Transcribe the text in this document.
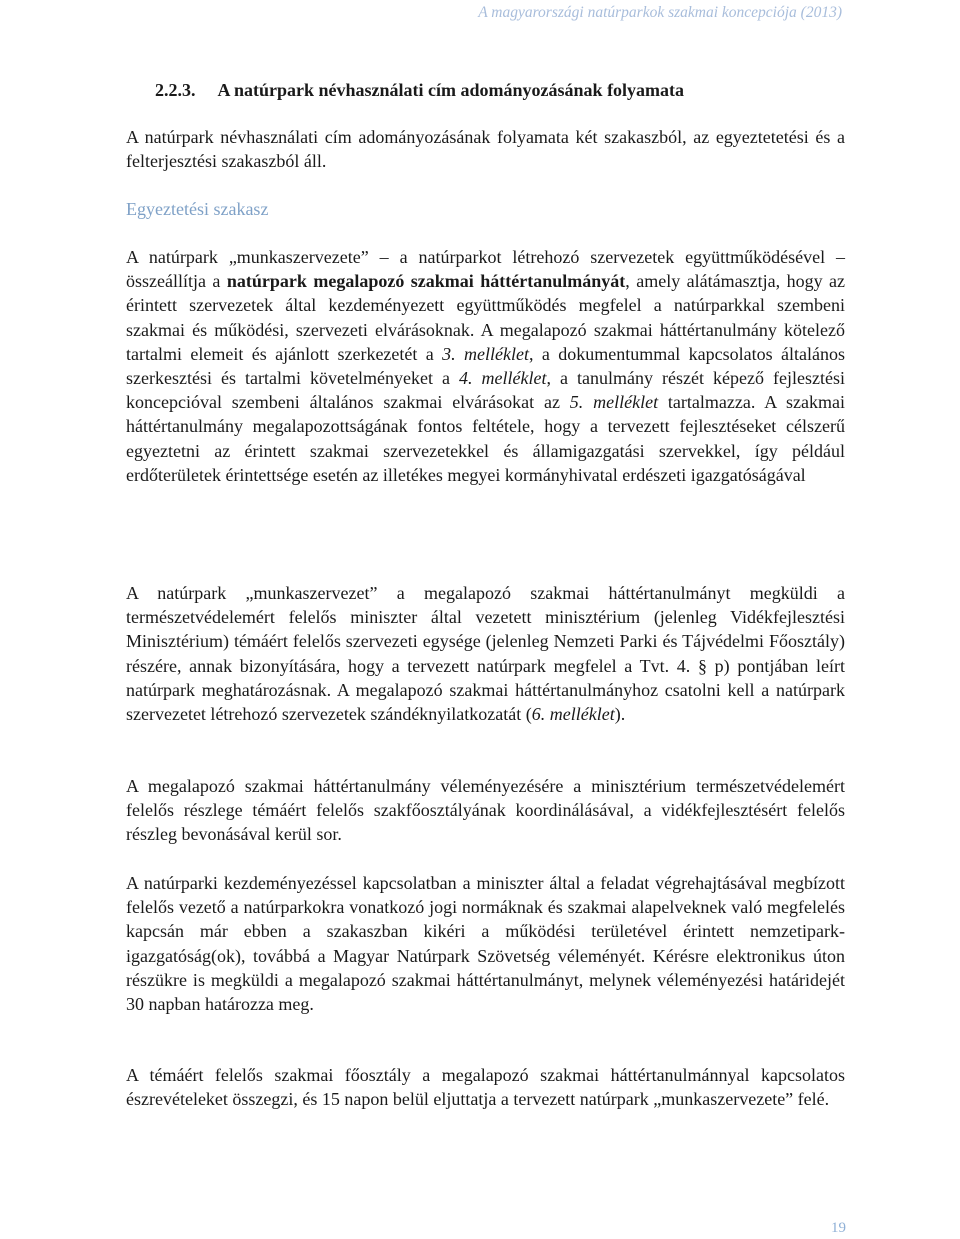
A magyarországi natúrparkok szakmai koncepciója (2013)
2.2.3. A natúrpark névhasználati cím adományozásának folyamata
A natúrpark névhasználati cím adományozásának folyamata két szakaszból, az egyeztetetési és a felterjesztési szakaszból áll.
Egyeztetési szakasz
A natúrpark „munkaszervezete” – a natúrparkot létrehozó szervezetek együttműködésével – összeállítja a natúrpark megalapozó szakmai háttértanulmányát, amely alátámasztja, hogy az érintett szervezetek által kezdeményezett együttműködés megfelel a natúrparkkal szembeni szakmai és működési, szervezeti elvárásoknak. A megalapozó szakmai háttértanulmány kötelező tartalmi elemeit és ajánlott szerkezetét a 3. melléklet, a dokumentummal kapcsolatos általános szerkesztési és tartalmi követelményeket a 4. melléklet, a tanulmány részét képező fejlesztési koncepcióval szembeni általános szakmai elvárásokat az 5. melléklet tartalmazza. A szakmai háttértanulmány megalapozottságának fontos feltétele, hogy a tervezett fejlesztéseket célszerű egyeztetni az érintett szakmai szervezetekkel és államigazgatási szervekkel, így például erdőterületek érintettsége esetén az illetékes megyei kormányhivatal erdészeti igazgatóságával
A natúrpark „munkaszervezet” a megalapozó szakmai háttértanulmányt megküldi a természetvédelemért felelős miniszter által vezetett minisztérium (jelenleg Vidékfejlesztési Minisztérium) témáért felelős szervezeti egysége (jelenleg Nemzeti Parki és Tájvédelmi Főosztály) részére, annak bizonyítására, hogy a tervezett natúrpark megfelel a Tvt. 4. § p) pontjában leírt natúrpark meghatározásnak. A megalapozó szakmai háttértanulmányhoz csatolni kell a natúrpark szervezetet létrehozó szervezetek szándéknyilatkozatát (6. melléklet).
A megalapozó szakmai háttértanulmány véleményezésére a minisztérium természetvédelemért felelős részlege témáért felelős szakfőosztályának koordinálásával, a vidékfejlesztésért felelős részleg bevonásával kerül sor.
A natúrparki kezdeményezéssel kapcsolatban a miniszter által a feladat végrehajtásával megbízott felelős vezető a natúrparkokra vonatkozó jogi normáknak és szakmai alapelveknek való megfelelés kapcsán már ebben a szakaszban kikéri a működési területével érintett nemzetipark-igazgatóság(ok), továbbá a Magyar Natúrpark Szövetség véleményét. Kérésre elektronikus úton részükre is megküldi a megalapozó szakmai háttértanulmányt, melynek véleményezési határidejét 30 napban határozza meg.
A témáért felelős szakmai főosztály a megalapozó szakmai háttértanulmánnyal kapcsolatos észrevételeket összegzi, és 15 napon belül eljuttatja a tervezett natúrpark „munkaszervezete” felé.
19
